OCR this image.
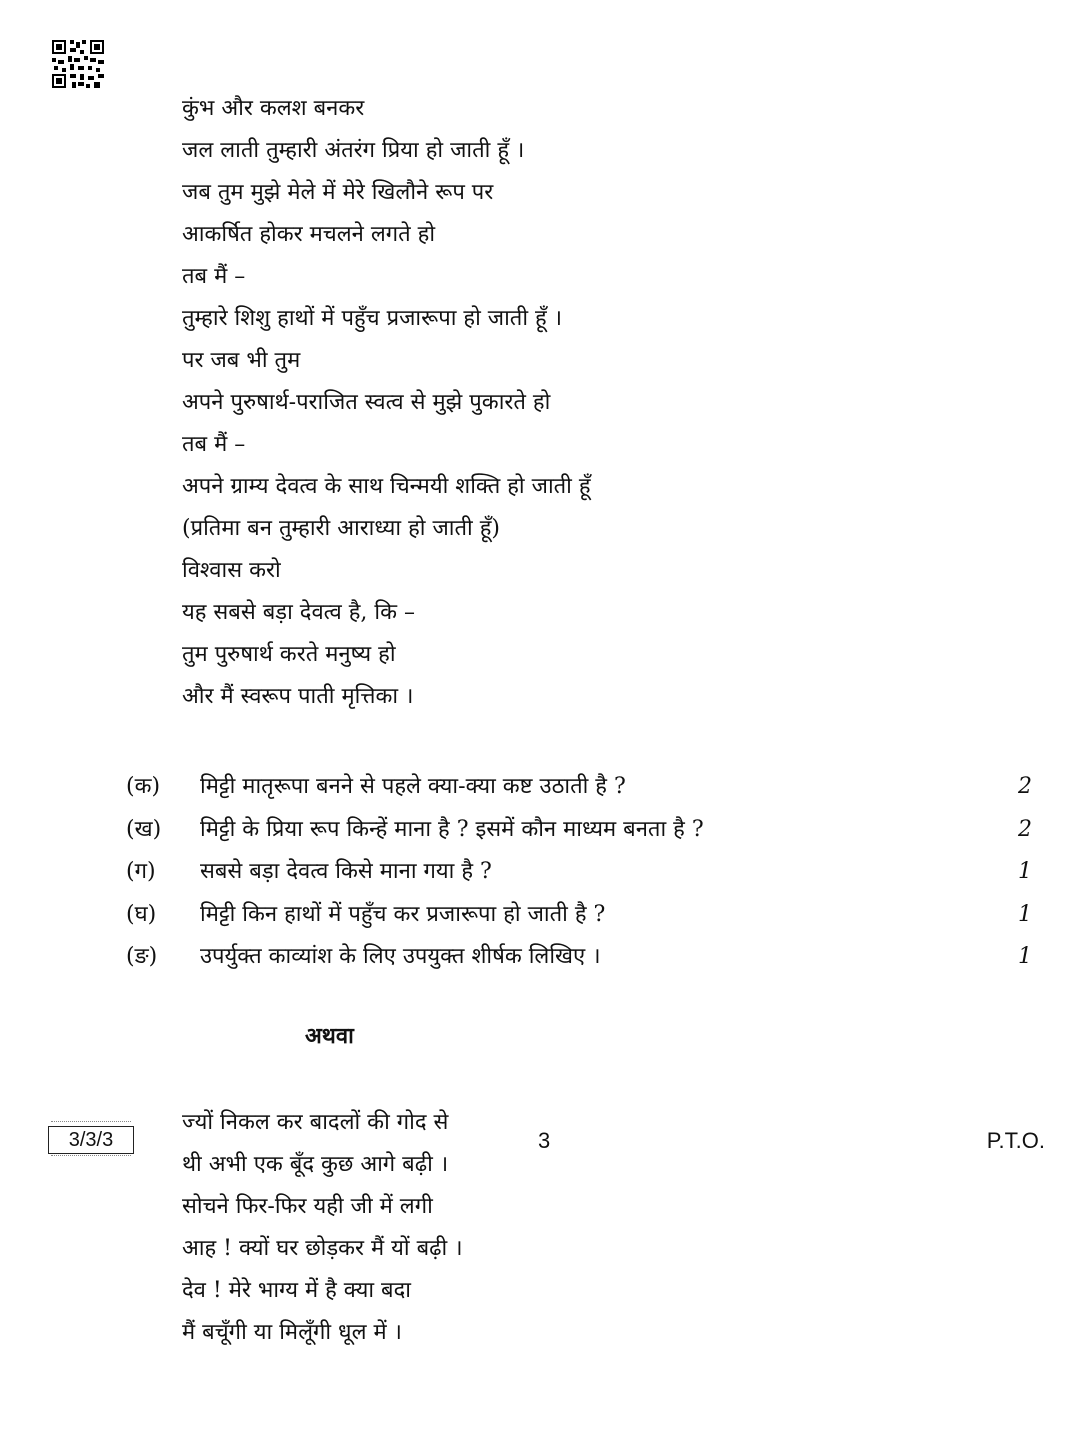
कुंभ और कलश बनकर
जल लाती तुम्हारी अंतरंग प्रिया हो जाती हूँ ।
जब तुम मुझे मेले में मेरे खिलौने रूप पर
आकर्षित होकर मचलने लगते हो
तब मैं –
तुम्हारे शिशु हाथों में पहुँच प्रजारूपा हो जाती हूँ ।
पर जब भी तुम
अपने पुरुषार्थ-पराजित स्वत्व से मुझे पुकारते हो
तब मैं –
अपने ग्राम्य देवत्व के साथ चिन्मयी शक्ति हो जाती हूँ
(प्रतिमा बन तुम्हारी आराध्या हो जाती हूँ)
विश्वास करो
यह सबसे बड़ा देवत्व है, कि –
तुम पुरुषार्थ करते मनुष्य हो
और मैं स्वरूप पाती मृत्तिका ।
(क) मिट्टी मातृरूपा बनने से पहले क्या-क्या कष्ट उठाती है ?	2
(ख) मिट्टी के प्रिया रूप किन्हें माना है ? इसमें कौन माध्यम बनता है ?	2
(ग) सबसे बड़ा देवत्व किसे माना गया है ?	1
(घ) मिट्टी किन हाथों में पहुँच कर प्रजारूपा हो जाती है ?	1
(ङ) उपर्युक्त काव्यांश के लिए उपयुक्त शीर्षक लिखिए ।	1
अथवा
ज्यों निकल कर बादलों की गोद से
थी अभी एक बूँद कुछ आगे बढ़ी ।
सोचने फिर-फिर यही जी में लगी
आह ! क्यों घर छोड़कर मैं यों बढ़ी ।
देव ! मेरे भाग्य में है क्या बदा
मैं बचूँगी या मिलूँगी धूल में ।
3/3/3	3	P.T.O.
